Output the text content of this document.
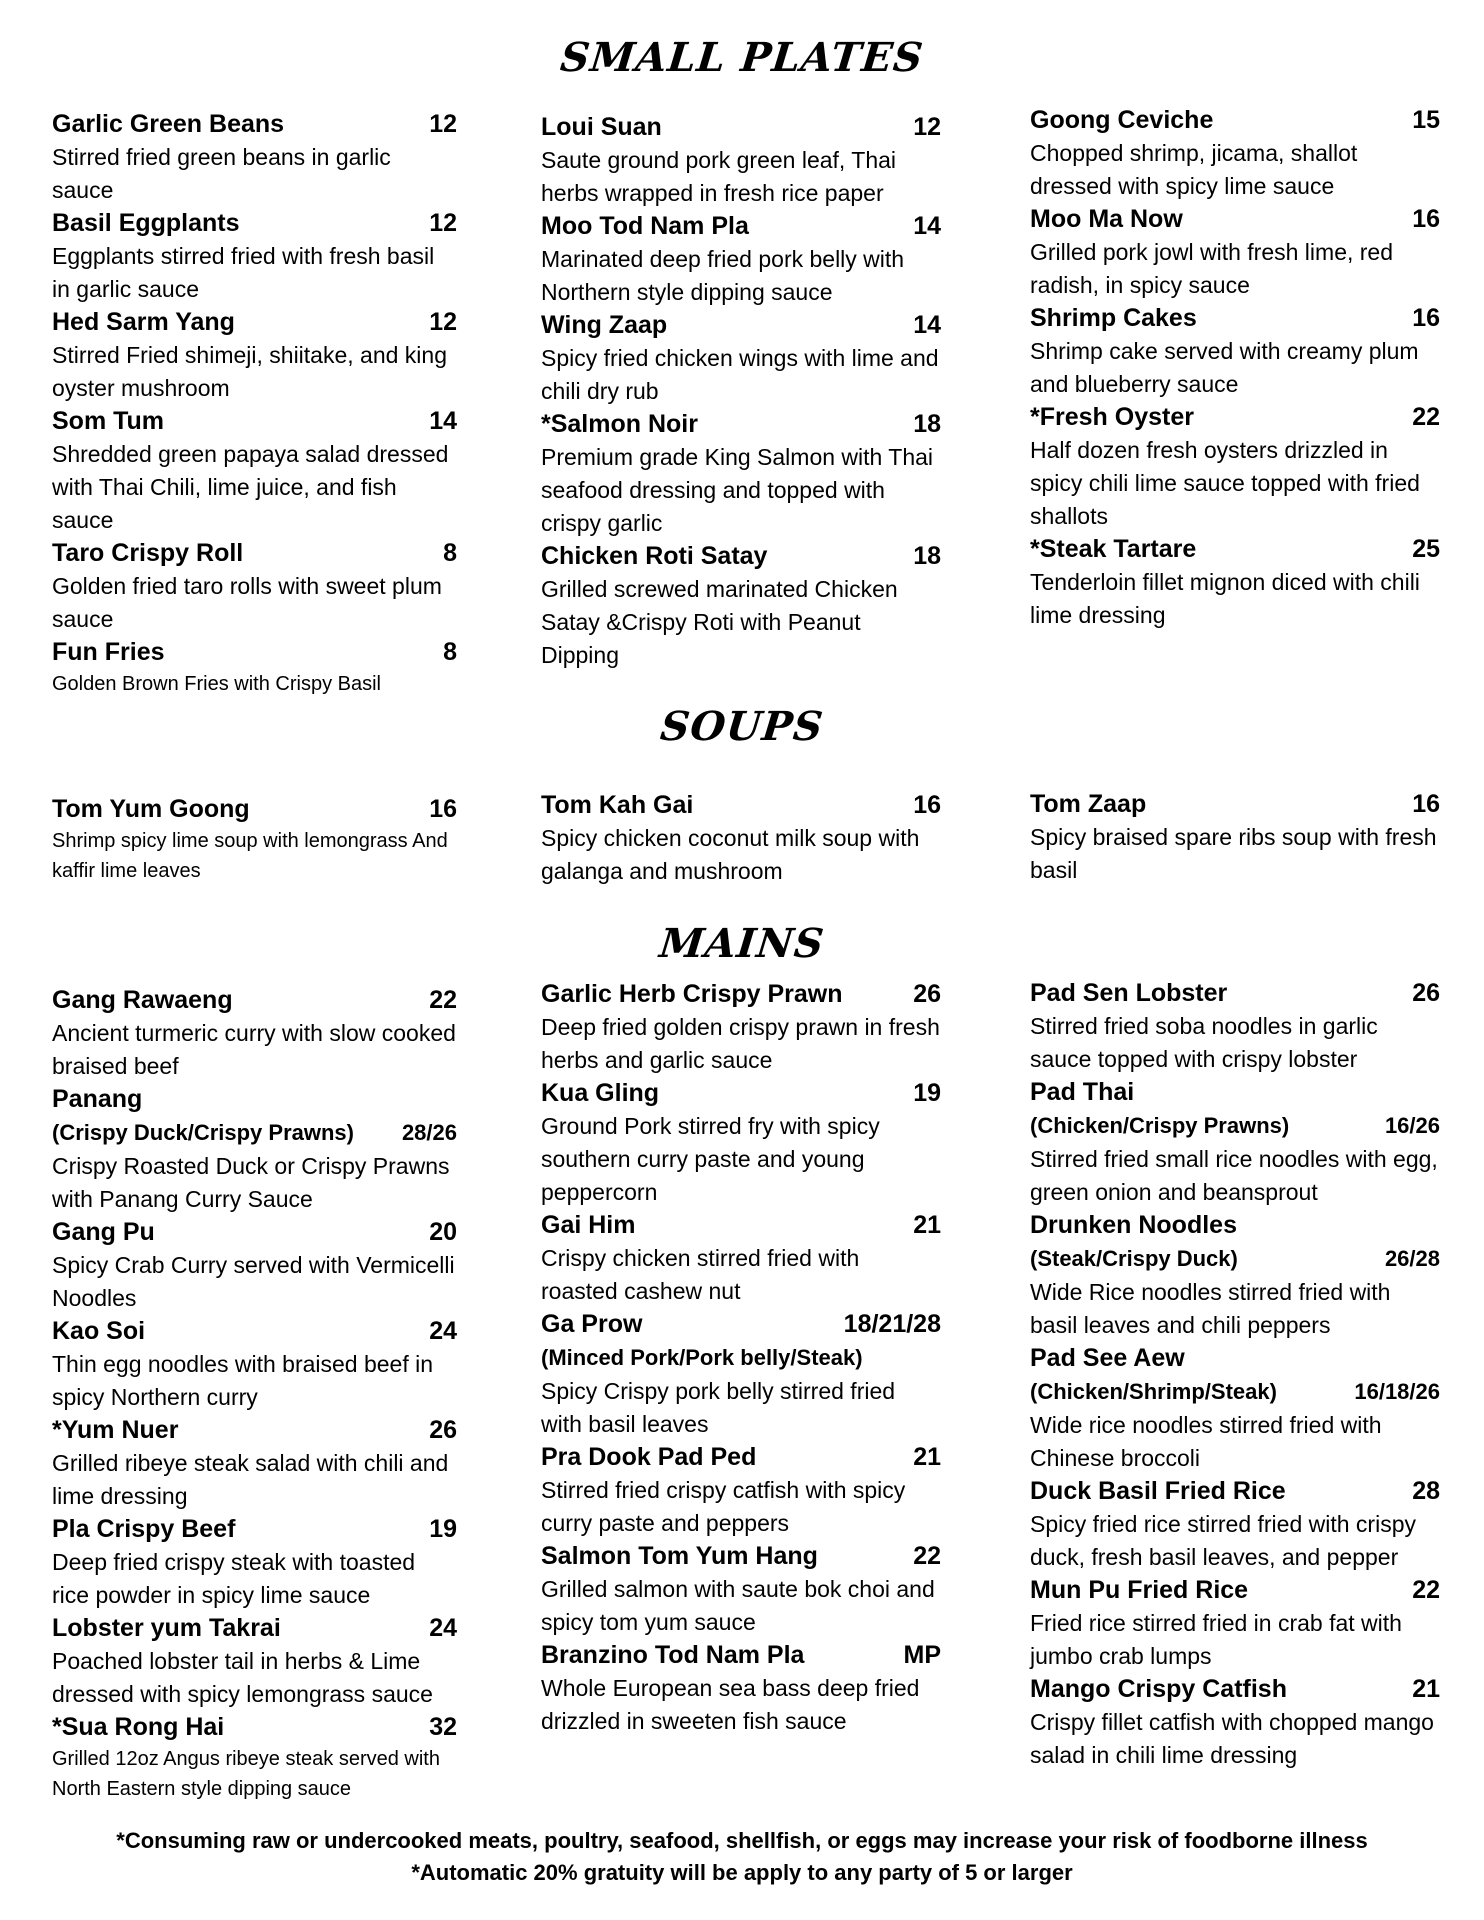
SMALL PLATES
Garlic Green Beans	12
Stirred fried green beans in garlic sauce
Basil Eggplants	12
Eggplants stirred fried with fresh basil in garlic sauce
Hed Sarm Yang	12
Stirred Fried shimeji, shiitake, and king oyster mushroom
Som Tum	14
Shredded green papaya salad dressed with Thai Chili, lime juice, and fish sauce
Taro Crispy Roll	8
Golden fried taro rolls with sweet plum sauce
Fun Fries	8
Golden Brown Fries with Crispy Basil
Loui Suan	12
Saute ground pork green leaf, Thai herbs wrapped in fresh rice paper
Moo Tod Nam Pla	14
Marinated deep fried pork belly with Northern style dipping sauce
Wing Zaap	14
Spicy fried chicken wings with lime and chili dry rub
*Salmon Noir	18
Premium grade King Salmon with Thai seafood dressing and topped with crispy garlic
Chicken Roti Satay	18
Grilled screwed marinated Chicken Satay &Crispy Roti with Peanut Dipping
Goong Ceviche	15
Chopped shrimp, jicama, shallot dressed with spicy lime sauce
Moo Ma Now	16
Grilled pork jowl with fresh lime, red radish, in spicy sauce
Shrimp Cakes	16
Shrimp cake served with creamy plum and blueberry sauce
*Fresh Oyster	22
Half dozen fresh oysters drizzled in spicy chili lime sauce topped with fried shallots
*Steak Tartare	25
Tenderloin fillet mignon diced with chili lime dressing
SOUPS
Tom Yum Goong	16
Shrimp spicy lime soup with lemongrass And kaffir lime leaves
Tom Kah Gai	16
Spicy chicken coconut milk soup with galanga and mushroom
Tom Zaap	16
Spicy braised spare ribs soup with fresh basil
MAINS
Gang Rawaeng	22
Ancient turmeric curry with slow cooked braised beef
Panang
(Crispy Duck/Crispy Prawns) 28/26
Crispy Roasted Duck or Crispy Prawns with Panang Curry Sauce
Gang Pu	20
Spicy Crab Curry served with Vermicelli Noodles
Kao Soi	24
Thin egg noodles with braised beef in spicy Northern curry
*Yum Nuer	26
Grilled ribeye steak salad with chili and lime dressing
Pla Crispy Beef	19
Deep fried crispy steak with toasted rice powder in spicy lime sauce
Lobster yum Takrai	24
Poached lobster tail in herbs & Lime dressed with spicy lemongrass sauce
*Sua Rong Hai	32
Grilled 12oz Angus ribeye steak served with North Eastern style dipping sauce
Garlic Herb Crispy Prawn	26
Deep fried golden crispy prawn in fresh herbs and garlic sauce
Kua Gling	19
Ground Pork stirred fry with spicy southern curry paste and young peppercorn
Gai Him	21
Crispy chicken stirred fried with roasted cashew nut
Ga Prow	18/21/28
(Minced Pork/Pork belly/Steak)
Spicy Crispy pork belly stirred fried with basil leaves
Pra Dook Pad Ped	21
Stirred fried crispy catfish with spicy curry paste and peppers
Salmon Tom Yum Hang	22
Grilled salmon with saute bok choi and spicy tom yum sauce
Branzino Tod Nam Pla	MP
Whole European sea bass deep fried drizzled in sweeten fish sauce
Pad Sen Lobster	26
Stirred fried soba noodles in garlic sauce topped with crispy lobster
Pad Thai
(Chicken/Crispy Prawns)	16/26
Stirred fried small rice noodles with egg, green onion and beansprout
Drunken Noodles
(Steak/Crispy Duck)	26/28
Wide Rice noodles stirred fried with basil leaves and chili peppers
Pad See Aew
(Chicken/Shrimp/Steak)	16/18/26
Wide rice noodles stirred fried with Chinese broccoli
Duck Basil Fried Rice	28
Spicy fried rice stirred fried with crispy duck, fresh basil leaves, and pepper
Mun Pu Fried Rice	22
Fried rice stirred fried in crab fat with jumbo crab lumps
Mango Crispy Catfish	21
Crispy fillet catfish with chopped mango salad in chili lime dressing
*Consuming raw or undercooked meats, poultry, seafood, shellfish, or eggs may increase your risk of foodborne illness
*Automatic 20% gratuity will be apply to any party of 5 or larger
